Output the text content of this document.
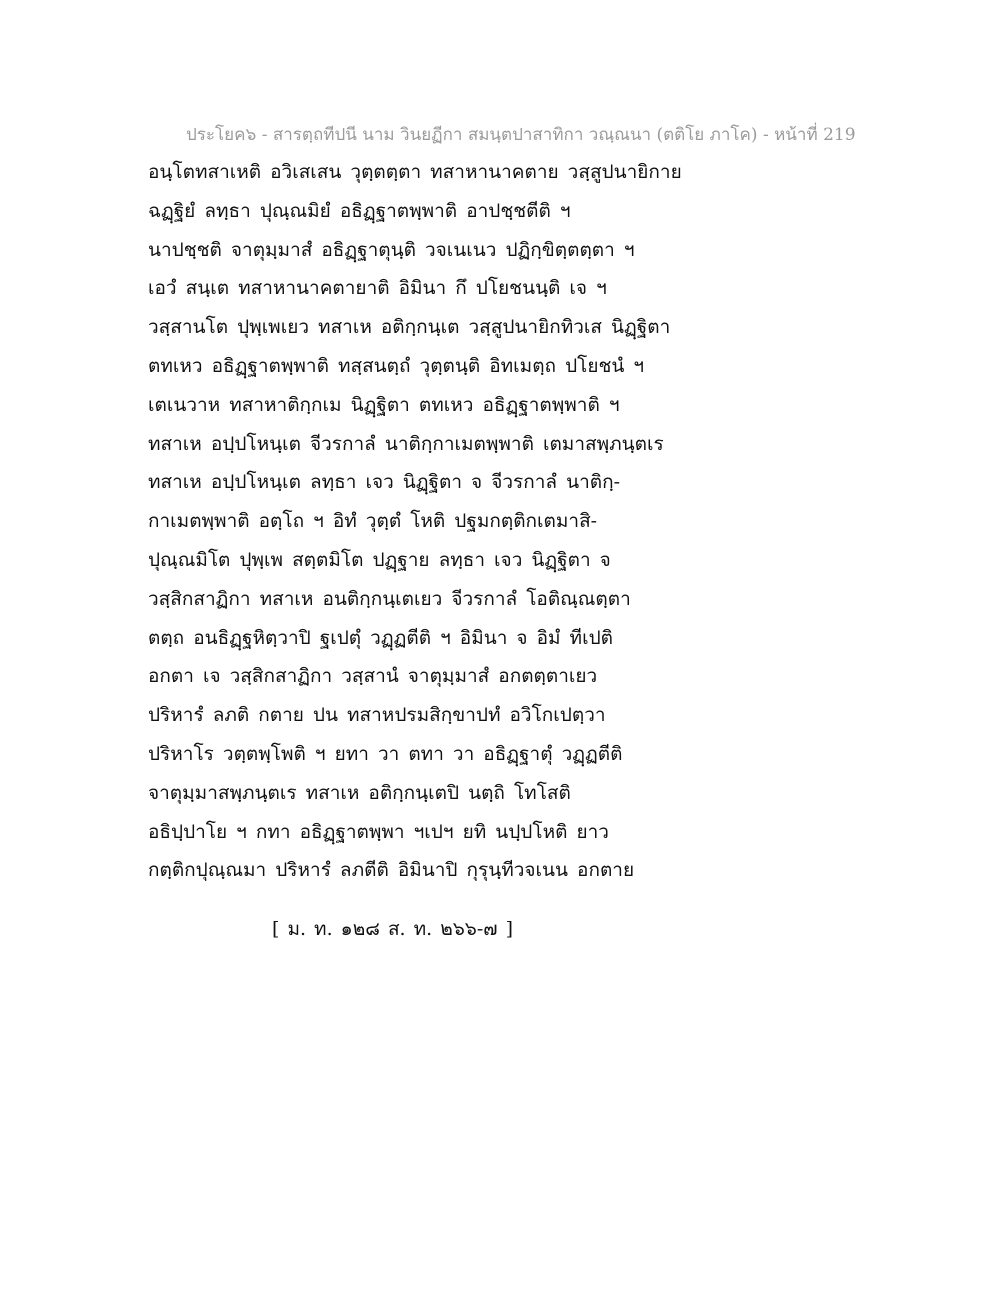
ประโยค๖ - สารตฺถทีปนี นาม วินยฏีกา สมนฺตปาสาทิกา วณฺณนา (ตติโย ภาโค) - หน้าที่ 219
อนฺโตทสาเหติ อวิเสเสน วุตฺตตฺตา ทสาหานาคตาย วสฺสูปนายิกาย
ฉฏฺฐิยํ ลทฺธา ปุณฺณมิยํ อธิฏฺฐาตพฺพาติ อาปชฺชตีติ ฯ
นาปชฺชติ จาตุมฺมาสํ อธิฏฺฐาตุนฺติ วจเนเนว ปฏิกฺขิตฺตตฺตา ฯ
เอวํ สนฺเต ทสาหานาคตายาติ อิมินา กึ ปโยชนนฺติ เจ ฯ
วสฺสานโต ปุพฺเพเยว ทสาเห อติกฺกนฺเต วสฺสูปนายิกทิวเส นิฏฺฐิตา
ตทเหว อธิฏฺฐาตพฺพาติ ทสฺสนตฺถํ วุตฺตนฺติ อิทเมตฺถ ปโยชนํ ฯ
เตเนวาห ทสาหาติกฺกเม นิฏฺฐิตา ตทเหว อธิฏฺฐาตพฺพาติ ฯ
ทสาเห อปฺปโหนฺเต จีวรกาลํ นาติกฺกาเมตพฺพาติ เตมาสพฺภนฺตเร
ทสาเห อปฺปโหนฺเต ลทฺธา เจว นิฏฺฐิตา จ จีวรกาลํ นาติกฺ-
กาเมตพฺพาติ อตฺโถ ฯ อิทํ วุตฺตํ โหติ ปฐมกตฺติกเตมาสิ-
ปุณฺณมิโต ปุพฺเพ สตฺตมิโต ปฏฺฐาย ลทฺธา เจว นิฏฺฐิตา จ
วสฺสิกสาฏิกา ทสาเห อนติกฺกนฺเตเยว จีวรกาลํ โอติณฺณตฺตา
ตตฺถ อนธิฏฺฐหิตฺวาปิ ฐเปตุํ วฏฺฏตีติ ฯ อิมินา จ อิมํ ทีเปติ
อกตา เจ วสฺสิกสาฏิกา วสฺสานํ จาตุมฺมาสํ อกตตฺตาเยว
ปริหารํ ลภติ กตาย ปน ทสาหปรมสิกฺขาปทํ อวิโกเปตฺวา
ปริหาโร วตฺตพฺโพติ ฯ ยทา วา ตทา วา อธิฏฺฐาตุํ วฏฺฏตีติ
จาตุมฺมาสพฺภนฺตเร ทสาเห อติกฺกนฺเตปิ นตฺถิ โทโสติ
อธิปฺปาโย ฯ กทา อธิฏฺฐาตพฺพา ฯเปฯ ยทิ นปฺปโหติ ยาว
กตฺติกปุณฺณมา ปริหารํ ลภตีติ อิมินาปิ กุรุนฺทีวจเนน อกตาย
[ ม. ท. ๑๒๘ ส. ท. ๒๖๖-๗ ]
